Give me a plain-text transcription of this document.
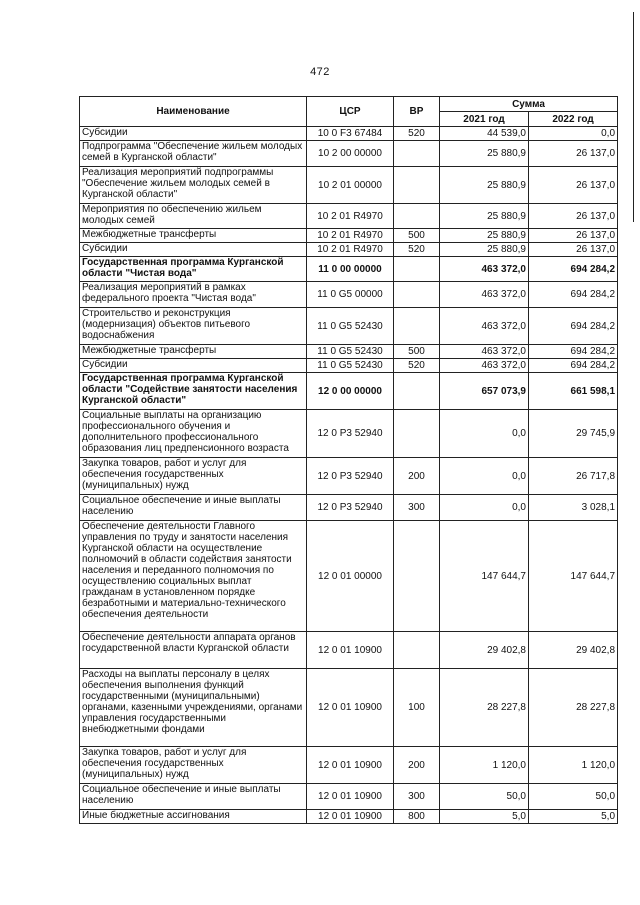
472
Наименование	ЦСР	ВР	Сумма	
			2021 год	2022 год
Субсидии	10 0 F3 67484	520	44 539,0	0,0
Подпрограмма "Обеспечение жильем молодых семей в Курганской области"	10 2 00 00000		25 880,9	26 137,0
Реализация мероприятий подпрограммы "Обеспечение жильем молодых семей в Курганской области"	10 2 01 00000		25 880,9	26 137,0
Мероприятия по обеспечению жильем молодых семей	10 2 01 R4970		25 880,9	26 137,0
Межбюджетные трансферты	10 2 01 R4970	500	25 880,9	26 137,0
Субсидии	10 2 01 R4970	520	25 880,9	26 137,0
Государственная программа Курганской области "Чистая вода"	11 0 00 00000		463 372,0	694 284,2
Реализация мероприятий в рамках федерального проекта "Чистая вода"	11 0 G5 00000		463 372,0	694 284,2
Строительство и реконструкция (модернизация) объектов питьевого водоснабжения	11 0 G5 52430		463 372,0	694 284,2
Межбюджетные трансферты	11 0 G5 52430	500	463 372,0	694 284,2
Субсидии	11 0 G5 52430	520	463 372,0	694 284,2
Государственная программа Курганской области "Содействие занятости населения Курганской области"	12 0 00 00000		657 073,9	661 598,1
Социальные выплаты на организацию профессионального обучения и дополнительного профессионального образования лиц предпенсионного возраста	12 0 P3 52940		0,0	29 745,9
Закупка товаров, работ и услуг для обеспечения государственных (муниципальных) нужд	12 0 P3 52940	200	0,0	26 717,8
Социальное обеспечение и иные выплаты населению	12 0 P3 52940	300	0,0	3 028,1
Обеспечение деятельности Главного управления по труду и занятости населения Курганской области на осуществление полномочий в области содействия занятости населения и переданного полномочия по осуществлению социальных выплат гражданам в установленном порядке безработными и материально-технического обеспечения деятельности	12 0 01 00000		147 644,7	147 644,7
Обеспечение деятельности аппарата органов государственной власти Курганской области	12 0 01 10900		29 402,8	29 402,8
Расходы на выплаты персоналу в целях обеспечения выполнения функций государственными (муниципальными) органами, казенными учреждениями, органами управления государственными внебюджетными фондами	12 0 01 10900	100	28 227,8	28 227,8
Закупка товаров, работ и услуг для обеспечения государственных (муниципальных) нужд	12 0 01 10900	200	1 120,0	1 120,0
Социальное обеспечение и иные выплаты населению	12 0 01 10900	300	50,0	50,0
Иные бюджетные ассигнования	12 0 01 10900	800	5,0	5,0
